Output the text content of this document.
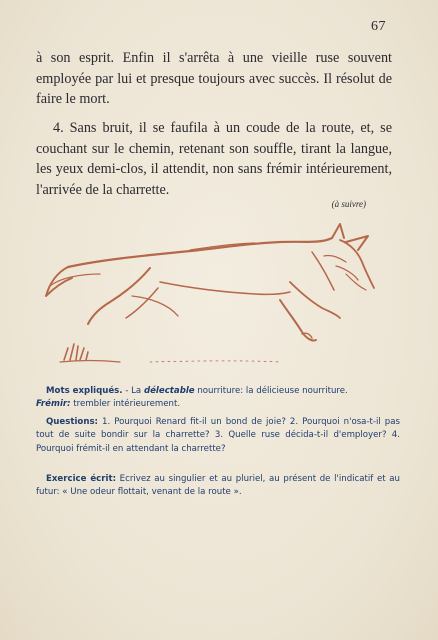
67

à son esprit. Enfin il s'arrêta à une vieille ruse souvent employée par lui et presque toujours avec succès. Il résolut de faire le mort.

4. Sans bruit, il se faufila à un coude de la route, et, se couchant sur le chemin, retenant son souffle, tirant la langue, les yeux demi-clos, il attendit, non sans frémir intérieurement, l'arrivée de la charrette.

(à suivre)
Mots expliqués. - La délectable nourriture: la délicieuse nourriture.
Frémir: trembler intérieurement.
Questions: 1. Pourquoi Renard fit-il un bond de joie? 2. Pourquoi n'osa-t-il pas tout de suite bondir sur la charrette? 3. Quelle ruse décida-t-il d'employer? 4. Pourquoi frémit-il en attendant la charrette?
Exercice écrit: Ecrivez au singulier et au pluriel, au présent de l'indicatif et au futur: « Une odeur flottait, venant de la route ».
